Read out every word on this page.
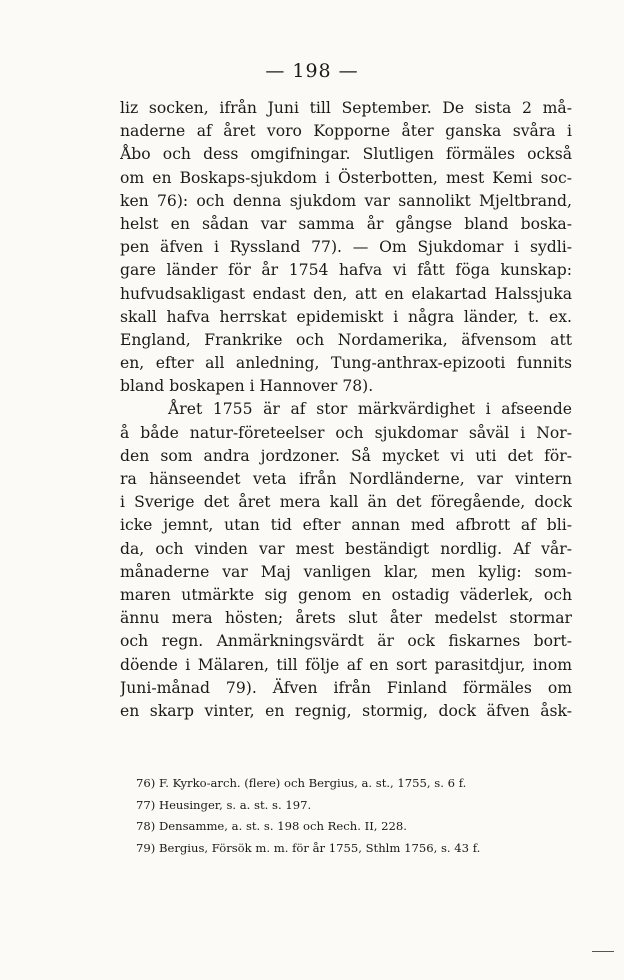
— 198 —
liz socken, ifrån Juni till September. De sista 2 må-
naderne af året voro Kopporne åter ganska svåra i
Åbo och dess omgifningar. Slutligen förmäles också
om en Boskaps-sjukdom i Österbotten, mest Kemi soc-
ken 76): och denna sjukdom var sannolikt Mjeltbrand,
helst en sådan var samma år gångse bland boska-
pen äfven i Ryssland 77). — Om Sjukdomar i sydli-
gare länder för år 1754 hafva vi fått föga kunskap:
hufvudsakligast endast den, att en elakartad Halssjuka
skall hafva herrskat epidemiskt i några länder, t. ex.
England, Frankrike och Nordamerika, äfvensom att
en, efter all anledning, Tung-anthrax-epizooti funnits
bland boskapen i Hannover 78).
Året 1755 är af stor märkvärdighet i afseende
å både natur-företeelser och sjukdomar såväl i Nor-
den som andra jordzoner. Så mycket vi uti det för-
ra hänseendet veta ifrån Nordländerne, var vintern
i Sverige det året mera kall än det föregående, dock
icke jemnt, utan tid efter annan med afbrott af bli-
da, och vinden var mest beständigt nordlig. Af vår-
månaderne var Maj vanligen klar, men kylig: som-
maren utmärkte sig genom en ostadig väderlek, och
ännu mera hösten; årets slut åter medelst stormar
och regn. Anmärkningsvärdt är ock fiskarnes bort-
döende i Mälaren, till följe af en sort parasitdjur, inom
Juni-månad 79). Äfven ifrån Finland förmäles om
en skarp vinter, en regnig, stormig, dock äfven åsk-
76) F. Kyrko-arch. (flere) och Bergius, a. st., 1755, s. 6 f.
77) Heusinger, s. a. st. s. 197.
78) Densamme, a. st. s. 198 och Rech. II, 228.
79) Bergius, Försök m. m. för år 1755, Sthlm 1756, s. 43 f.
